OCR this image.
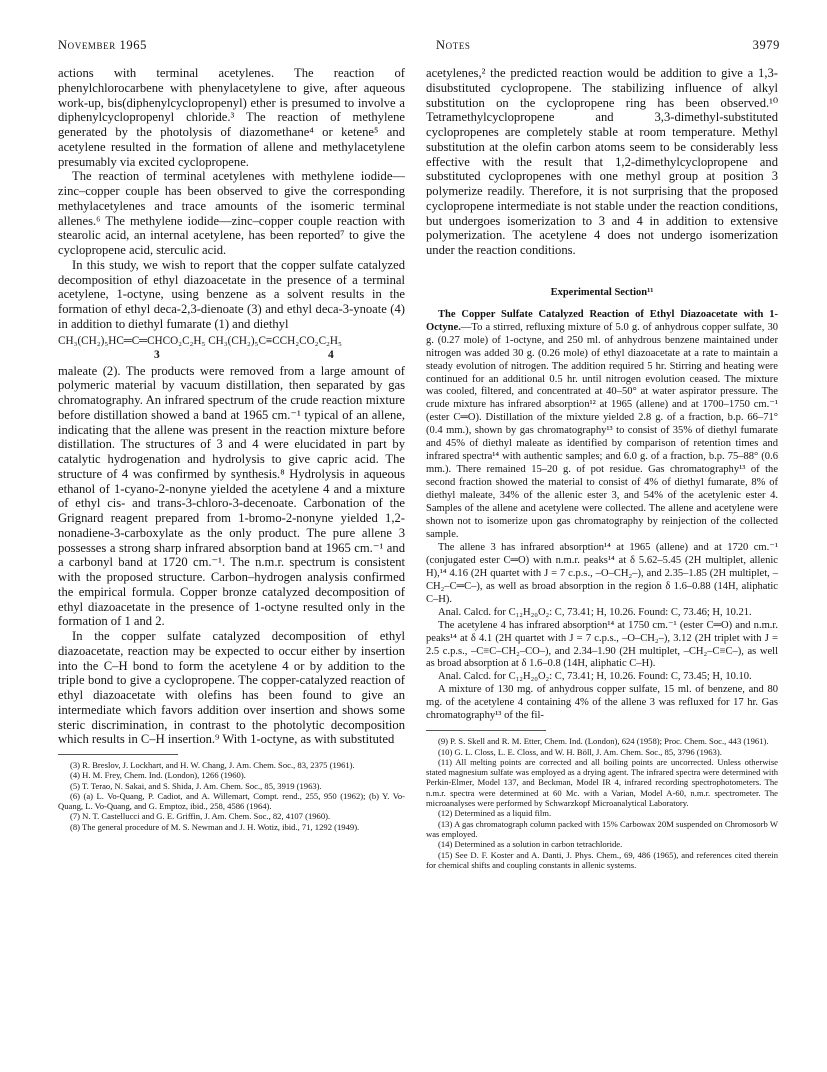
November 1965	Notes	3979

actions with terminal acetylenes. The reaction of phenylchlorocarbene with phenylacetylene to give, after aqueous work-up, bis(diphenylcyclopropenyl) ether is presumed to involve a diphenylcyclopropenyl chloride.³ The reaction of methylene generated by the photolysis of diazomethane⁴ or ketene⁵ and acetylene resulted in the formation of allene and methylacetylene presumably via excited cyclopropene.

The reaction of terminal acetylenes with methylene iodide—zinc–copper couple has been observed to give the corresponding methylacetylenes and trace amounts of the isomeric terminal allenes.⁶ The methylene iodide—zinc–copper couple reaction with stearolic acid, an internal acetylene, has been reported⁷ to give the cyclopropene acid, sterculic acid.

In this study, we wish to report that the copper sulfate catalyzed decomposition of ethyl diazoacetate in the presence of a terminal acetylene, 1-octyne, using benzene as a solvent results in the formation of ethyl deca-2,3-dienoate (3) and ethyl deca-3-ynoate (4) in addition to diethyl fumarate (1) and diethyl

CH₃(CH₂)₅HC═C═CHCO₂C₂H₅ CH₃(CH₂)₅C≡CCH₂CO₂C₂H₅
3	4

maleate (2). The products were removed from a large amount of polymeric material by vacuum distillation, then separated by gas chromatography. An infrared spectrum of the crude reaction mixture before distillation showed a band at 1965 cm.⁻¹ typical of an allene, indicating that the allene was present in the reaction mixture before distillation. The structures of 3 and 4 were elucidated in part by catalytic hydrogenation and hydrolysis to give capric acid. The structure of 4 was confirmed by synthesis.⁸ Hydrolysis in aqueous ethanol of 1-cyano-2-nonyne yielded the acetylene 4 and a mixture of ethyl cis- and trans-3-chloro-3-decenoate. Carbonation of the Grignard reagent prepared from 1-bromo-2-nonyne yielded 1,2-nonadiene-3-carboxylate as the only product. The pure allene 3 possesses a strong sharp infrared absorption band at 1965 cm.⁻¹ and a carbonyl band at 1720 cm.⁻¹. The n.m.r. spectrum is consistent with the proposed structure. Carbon–hydrogen analysis confirmed the empirical formula. Copper bronze catalyzed decomposition of ethyl diazoacetate in the presence of 1-octyne resulted only in the formation of 1 and 2.

In the copper sulfate catalyzed decomposition of ethyl diazoacetate, reaction may be expected to occur either by insertion into the C–H bond to form the acetylene 4 or by addition to the triple bond to give a cyclopropene. The copper-catalyzed reaction of ethyl diazoacetate with olefins has been found to give an intermediate which favors addition over insertion and shows some steric discrimination, in contrast to the photolytic decomposition which results in C–H insertion.⁹ With 1-octyne, as with substituted

(3) R. Breslov, J. Lockhart, and H. W. Chang, J. Am. Chem. Soc., 83, 2375 (1961).

(4) H. M. Frey, Chem. Ind. (London), 1266 (1960).

(5) T. Terao, N. Sakai, and S. Shida, J. Am. Chem. Soc., 85, 3919 (1963).

(6) (a) L. Vo-Quang, P. Cadiot, and A. Willemart, Compt. rend., 255, 950 (1962); (b) Y. Vo-Quang, L. Vo-Quang, and G. Emptoz, ibid., 258, 4586 (1964).

(7) N. T. Castellucci and G. E. Griffin, J. Am. Chem. Soc., 82, 4107 (1960).

(8) The general procedure of M. S. Newman and J. H. Wotiz, ibid., 71, 1292 (1949).

acetylenes,² the predicted reaction would be addition to give a 1,3-disubstituted cyclopropene. The stabilizing influence of alkyl substitution on the cyclopropene ring has been observed.¹⁰ Tetramethylcyclopropene and 3,3-dimethyl-substituted cyclopropenes are completely stable at room temperature. Methyl substitution at the olefin carbon atoms seem to be considerably less effective with the result that 1,2-dimethylcyclopropene and substituted cyclopropenes with one methyl group at position 3 polymerize readily. Therefore, it is not surprising that the proposed cyclopropene intermediate is not stable under the reaction conditions, but undergoes isomerization to 3 and 4 in addition to extensive polymerization. The acetylene 4 does not undergo isomerization under the reaction conditions.

Experimental Section¹¹

The Copper Sulfate Catalyzed Reaction of Ethyl Diazoacetate with 1-Octyne.—To a stirred, refluxing mixture of 5.0 g. of anhydrous copper sulfate, 30 g. (0.27 mole) of 1-octyne, and 250 ml. of anhydrous benzene maintained under nitrogen was added 30 g. (0.26 mole) of ethyl diazoacetate at a rate to maintain a steady evolution of nitrogen. The addition required 5 hr. Stirring and heating were continued for an additional 0.5 hr. until nitrogen evolution ceased. The mixture was cooled, filtered, and concentrated at 40–50° at water aspirator pressure. The crude mixture has infrared absorption¹² at 1965 (allene) and at 1700–1750 cm.⁻¹ (ester C═O). Distillation of the mixture yielded 2.8 g. of a fraction, b.p. 66–71° (0.4 mm.), shown by gas chromatography¹³ to consist of 35% of diethyl fumarate and 45% of diethyl maleate as identified by comparison of retention times and infrared spectra¹⁴ with authentic samples; and 6.0 g. of a fraction, b.p. 75–88° (0.6 mm.). There remained 15–20 g. of pot residue. Gas chromatography¹³ of the second fraction showed the material to consist of 4% of diethyl fumarate, 8% of diethyl maleate, 34% of the allenic ester 3, and 54% of the acetylenic ester 4. Samples of the allene and acetylene were collected. The allene and acetylene were shown not to isomerize upon gas chromatography by reinjection of the collected sample.

The allene 3 has infrared absorption¹⁴ at 1965 (allene) and at 1720 cm.⁻¹ (conjugated ester C═O) with n.m.r. peaks¹⁴ at δ 5.62–5.45 (2H multiplet, allenic H),¹⁴ 4.16 (2H quartet with J = 7 c.p.s., –O–CH₂–), and 2.35–1.85 (2H multiplet, –CH₂–C═C–), as well as broad absorption in the region δ 1.6–0.88 (14H, aliphatic C–H).

Anal. Calcd. for C₁₂H₂₀O₂: C, 73.41; H, 10.26. Found: C, 73.46; H, 10.21.

The acetylene 4 has infrared absorption¹⁴ at 1750 cm.⁻¹ (ester C═O) and n.m.r. peaks¹⁴ at δ 4.1 (2H quartet with J = 7 c.p.s., –O–CH₂–), 3.12 (2H triplet with J = 2.5 c.p.s., –C≡C–CH₂–CO–), and 2.34–1.90 (2H multiplet, –CH₂–C≡C–), as well as broad absorption at δ 1.6–0.8 (14H, aliphatic C–H).

Anal. Calcd. for C₁₂H₂₀O₂: C, 73.41; H, 10.26. Found: C, 73.45; H, 10.10.

A mixture of 130 mg. of anhydrous copper sulfate, 15 ml. of benzene, and 80 mg. of the acetylene 4 containing 4% of the allene 3 was refluxed for 17 hr. Gas chromatography¹³ of the fil-

(9) P. S. Skell and R. M. Etter, Chem. Ind. (London), 624 (1958); Proc. Chem. Soc., 443 (1961).

(10) G. L. Closs, L. E. Closs, and W. H. Böll, J. Am. Chem. Soc., 85, 3796 (1963).

(11) All melting points are corrected and all boiling points are uncorrected. Unless otherwise stated magnesium sulfate was employed as a drying agent. The infrared spectra were determined with Perkin-Elmer, Model 137, and Beckman, Model IR 4, infrared recording spectrophotometers. The n.m.r. spectra were determined at 60 Mc. with a Varian, Model A-60, n.m.r. spectrometer. The microanalyses were performed by Schwarzkopf Microanalytical Laboratory.

(12) Determined as a liquid film.

(13) A gas chromatograph column packed with 15% Carbowax 20M suspended on Chromosorb W was employed.

(14) Determined as a solution in carbon tetrachloride.

(15) See D. F. Koster and A. Danti, J. Phys. Chem., 69, 486 (1965), and references cited therein for chemical shifts and coupling constants in allenic systems.
